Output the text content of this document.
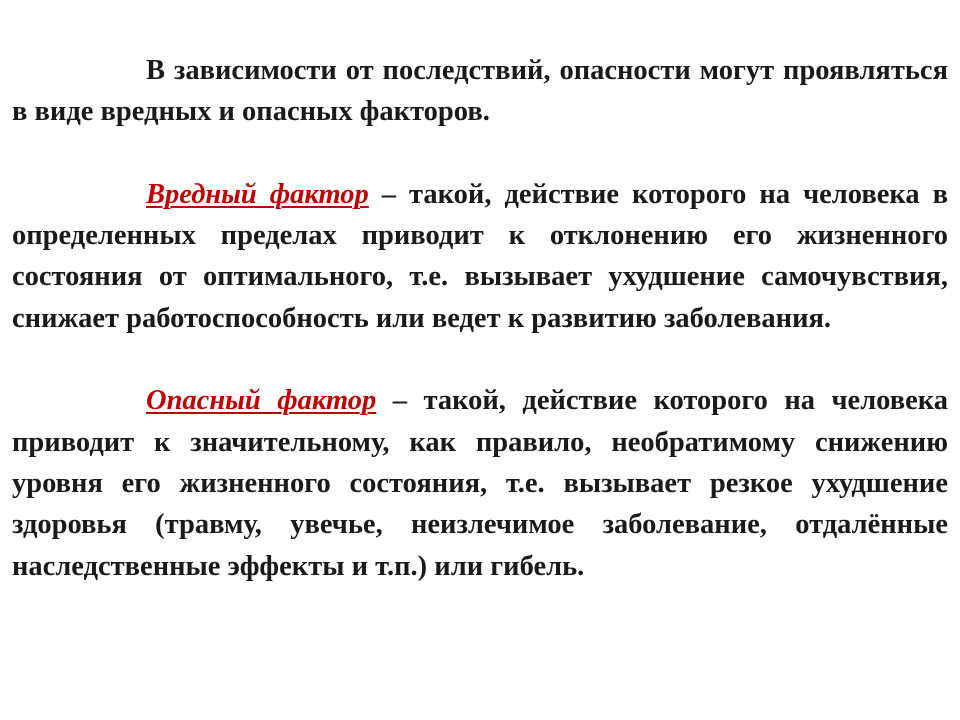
В зависимости от последствий, опасности могут проявляться в виде вредных и опасных факторов.

Вредный фактор – такой, действие которого на человека в определенных пределах приводит к отклонению его жизненного состояния от оптимального, т.е. вызывает ухудшение самочувствия, снижает работоспособность или ведет к развитию заболевания.

Опасный фактор – такой, действие которого на человека приводит к значительному, как правило, необратимому снижению уровня его жизненного состояния, т.е. вызывает резкое ухудшение здоровья (травму, увечье, неизлечимое заболевание, отдалённые наследственные эффекты и т.п.) или гибель.
